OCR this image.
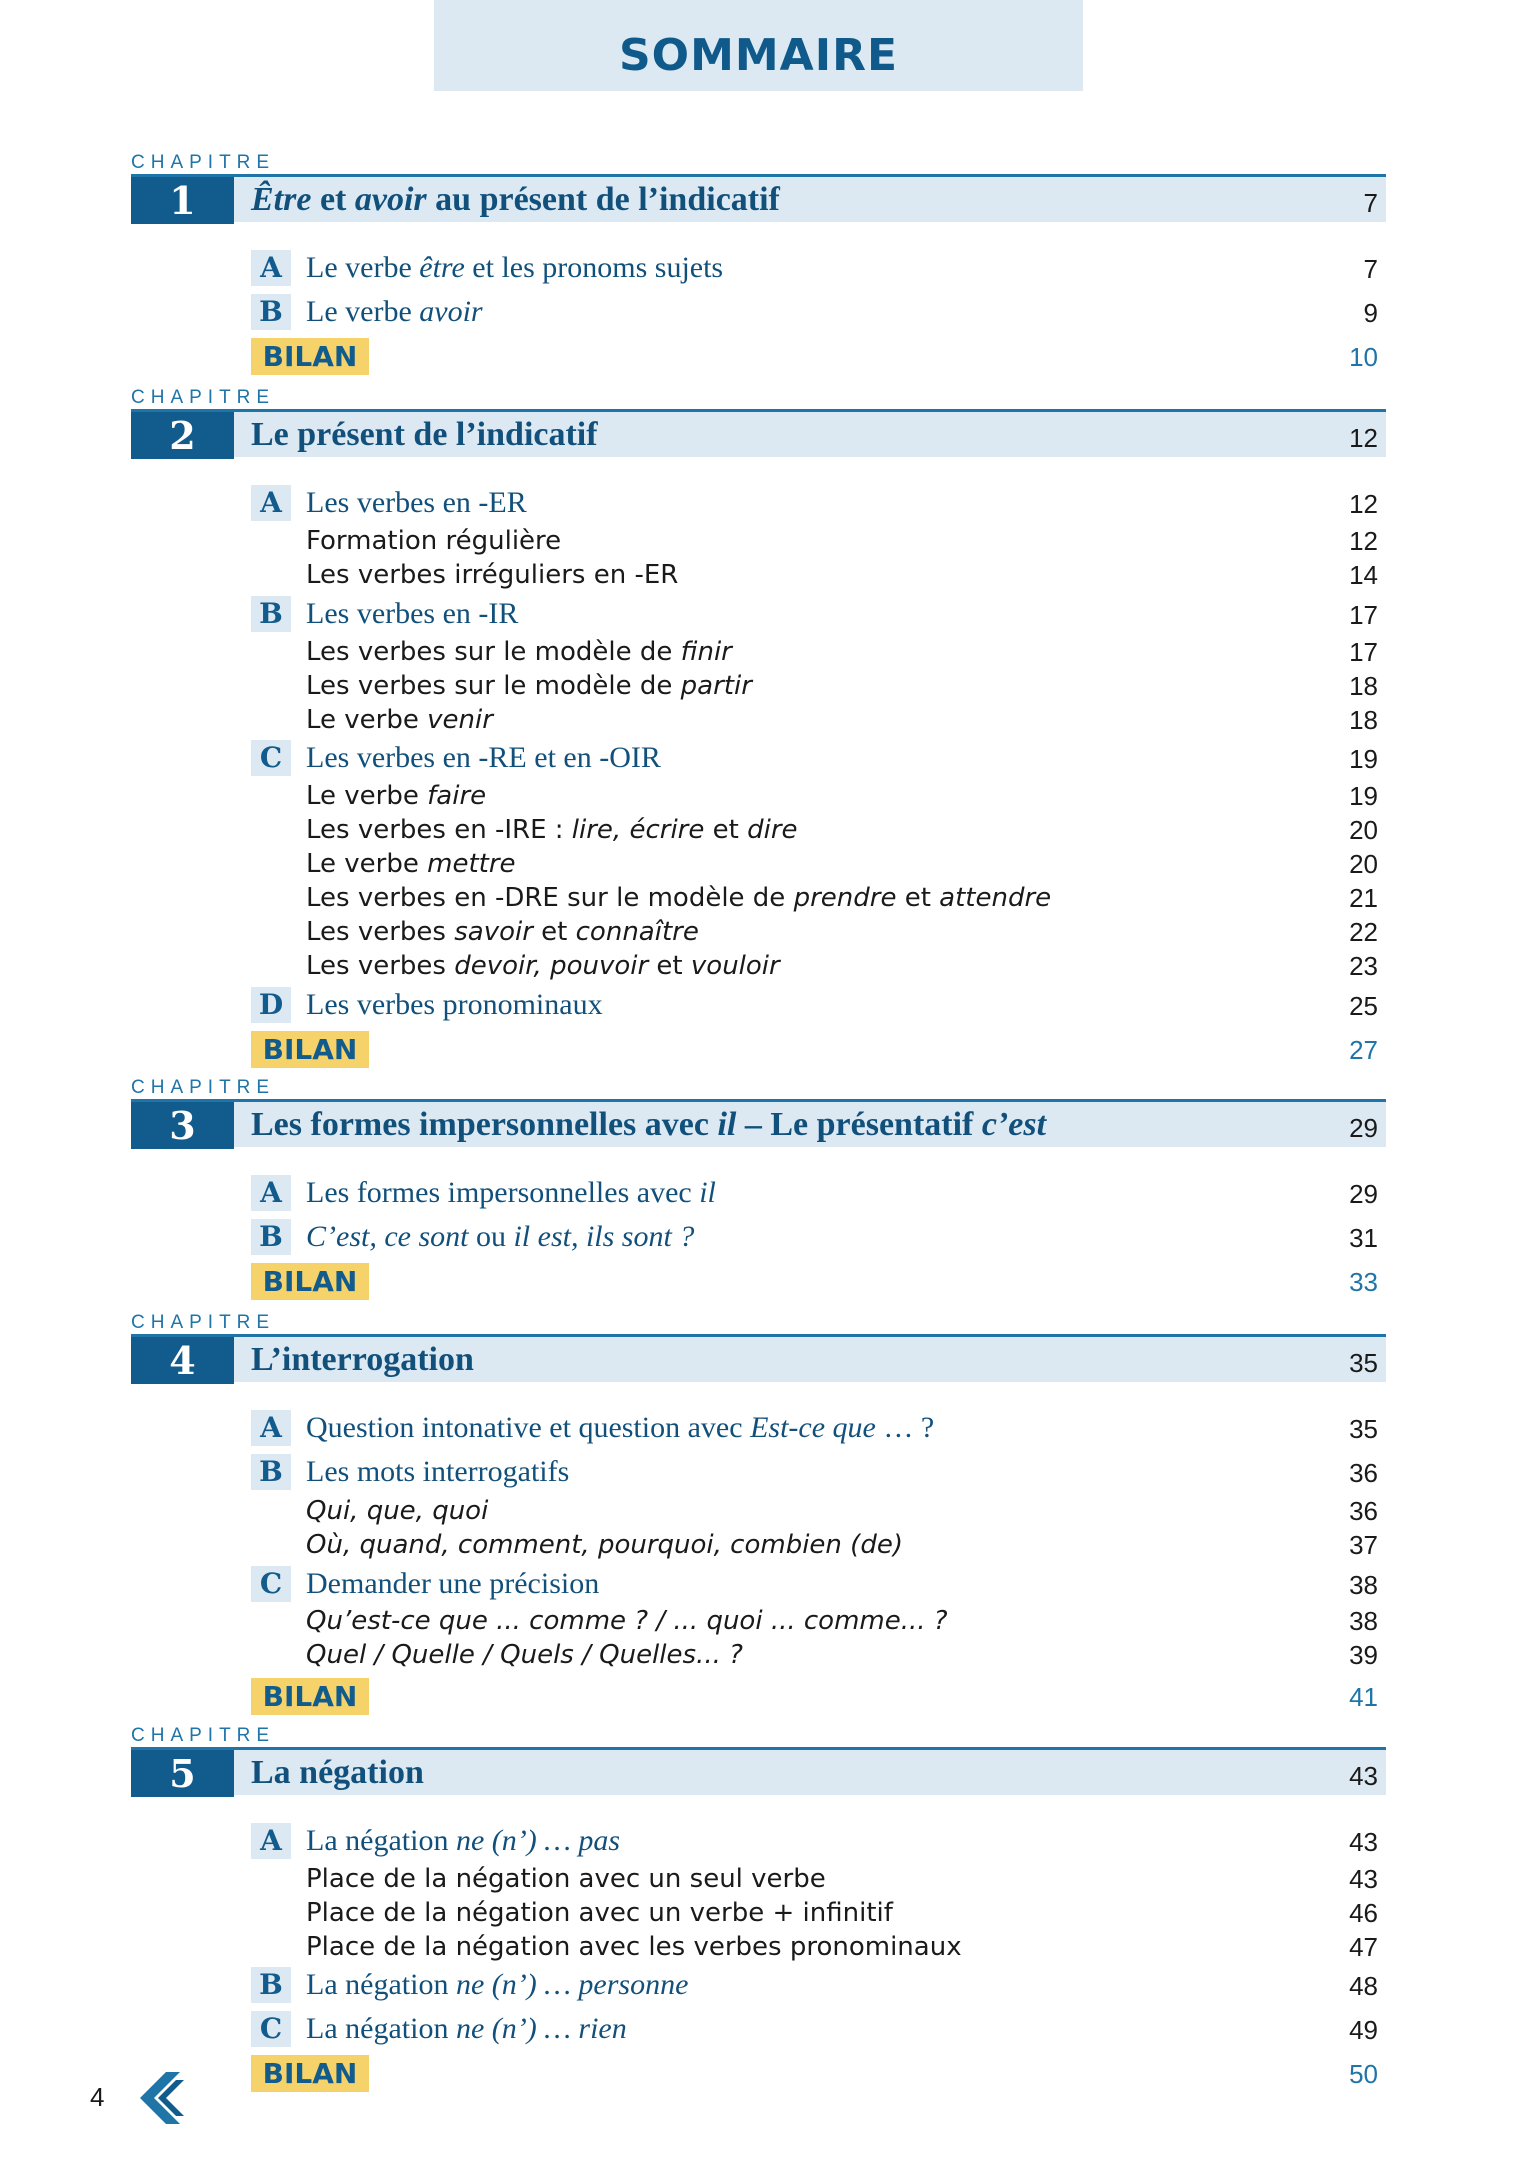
SOMMAIRE
CHAPITRE
1	Être et avoir au présent de l’indicatif	7
A Le verbe être et les pronoms sujets	7
B Le verbe avoir	9
BILAN	10
CHAPITRE
2	Le présent de l’indicatif	12
A Les verbes en -ER	12
Formation régulière	12
Les verbes irréguliers en -ER	14
B Les verbes en -IR	17
Les verbes sur le modèle de finir	17
Les verbes sur le modèle de partir	18
Le verbe venir	18
C Les verbes en -RE et en -OIR	19
Le verbe faire	19
Les verbes en -IRE : lire, écrire et dire	20
Le verbe mettre	20
Les verbes en -DRE sur le modèle de prendre et attendre	21
Les verbes savoir et connaître	22
Les verbes devoir, pouvoir et vouloir	23
D Les verbes pronominaux	25
BILAN	27
CHAPITRE
3	Les formes impersonnelles avec il – Le présentatif c’est	29
A Les formes impersonnelles avec il	29
B C’est, ce sont ou il est, ils sont ?	31
BILAN	33
CHAPITRE
4	L’interrogation	35
A Question intonative et question avec Est-ce que … ?	35
B Les mots interrogatifs	36
Qui, que, quoi	36
Où, quand, comment, pourquoi, combien (de)	37
C Demander une précision	38
Qu’est-ce que ... comme ? / ... quoi ... comme... ?	38
Quel / Quelle / Quels / Quelles... ?	39
BILAN	41
CHAPITRE
5	La négation	43
A La négation ne (n’) … pas	43
Place de la négation avec un seul verbe	43
Place de la négation avec un verbe + infinitif	46
Place de la négation avec les verbes pronominaux	47
B La négation ne (n’) … personne	48
C La négation ne (n’) … rien	49
BILAN	50
4
